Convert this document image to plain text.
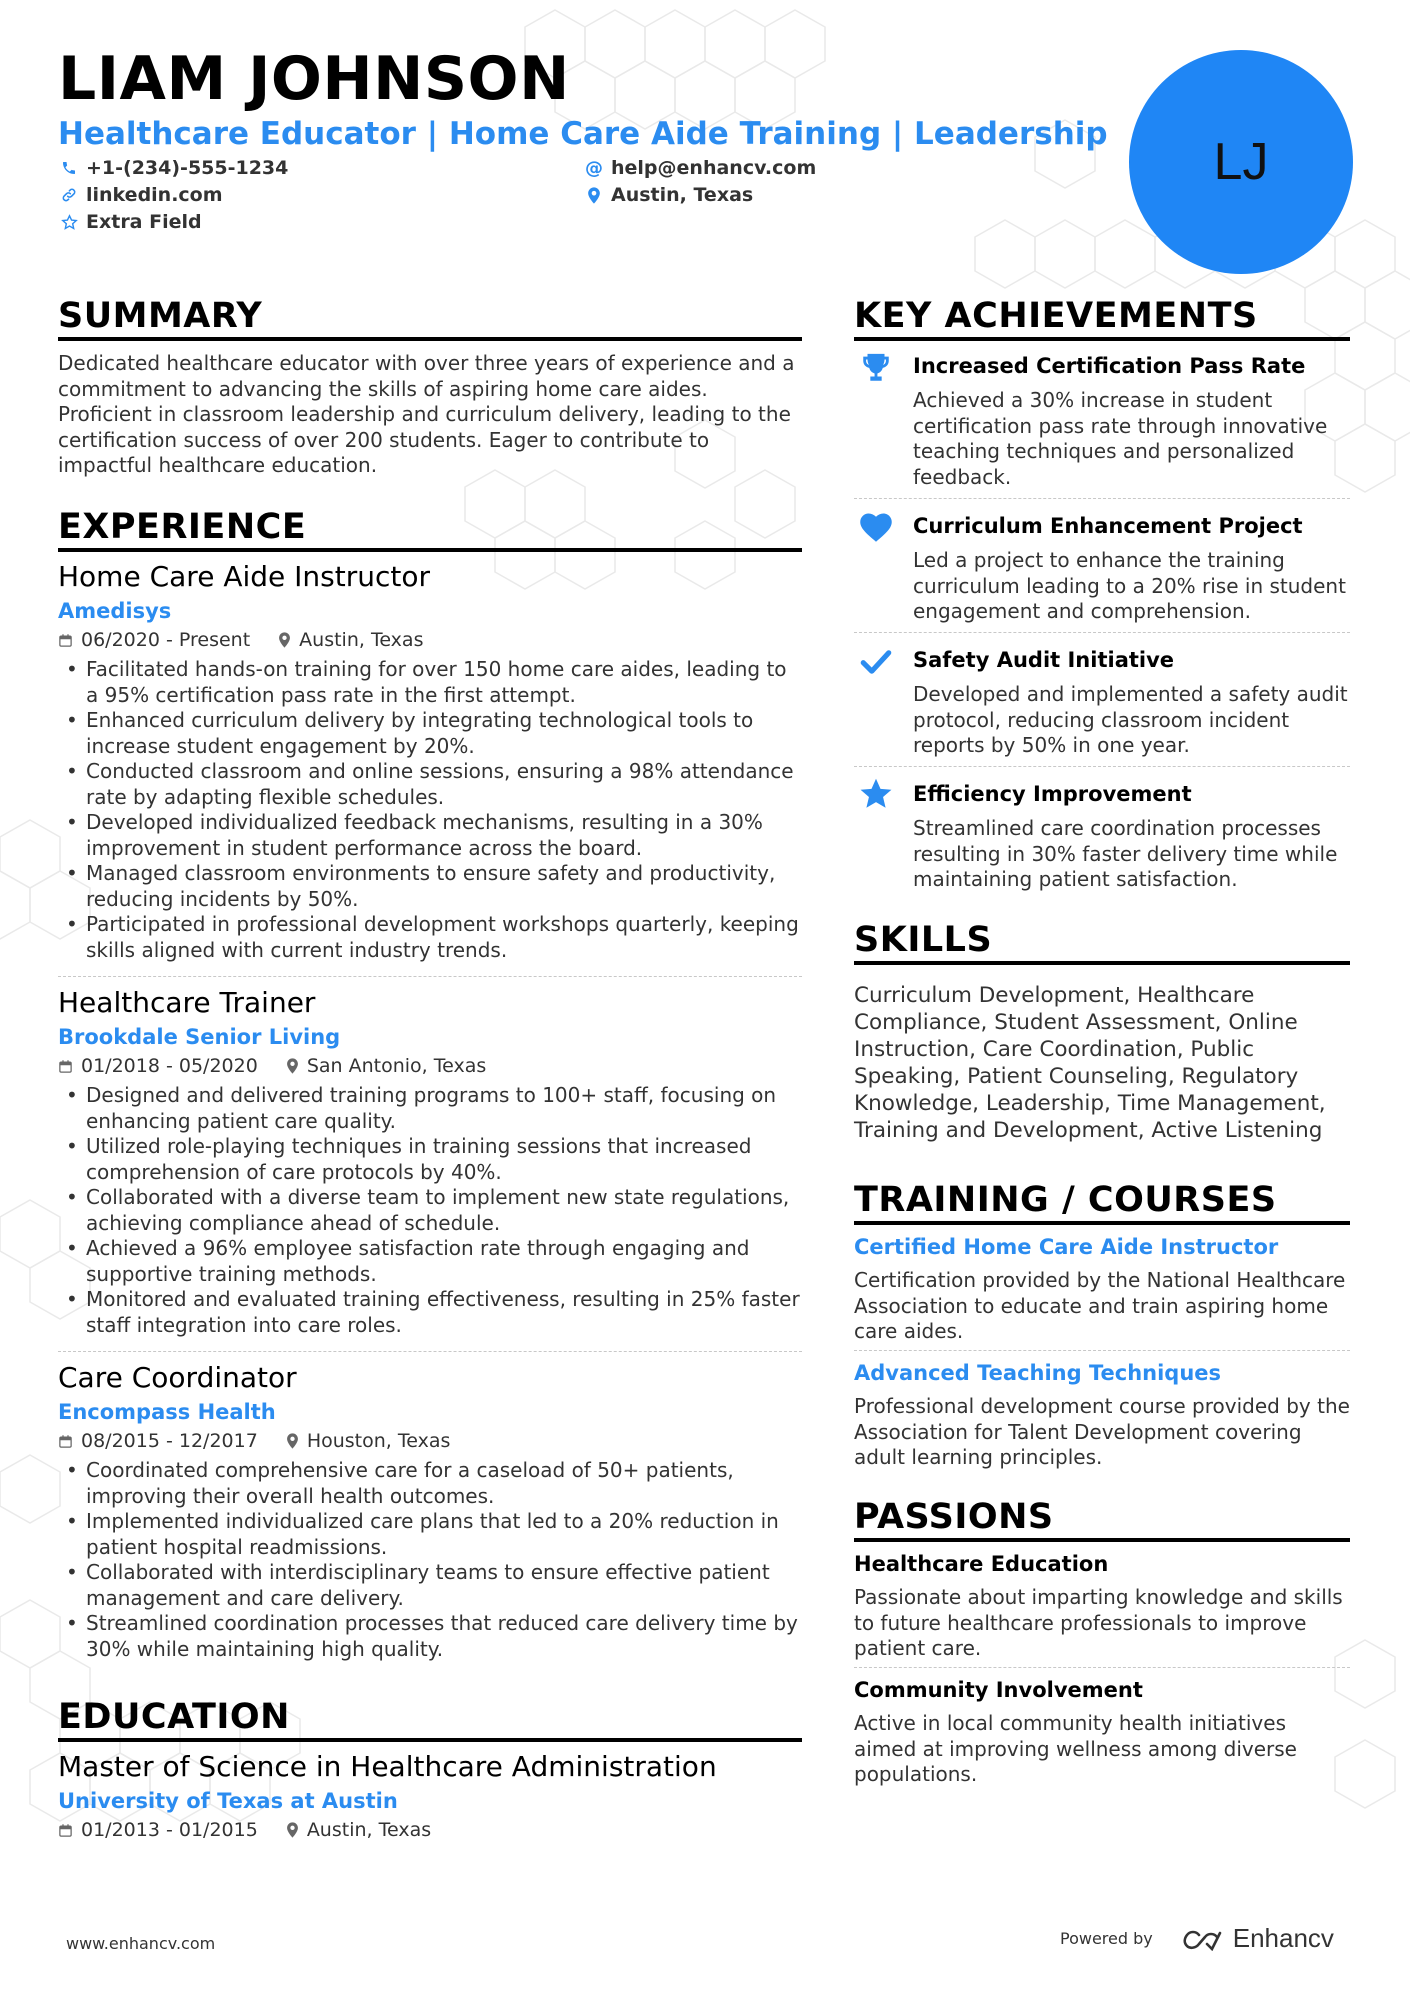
LIAM JOHNSON
Healthcare Educator | Home Care Aide Training | Leadership
+1-(234)-555-1234
linkedin.com
Extra Field
@ help@enhancv.com
Austin, Texas
LJ
SUMMARY
Dedicated healthcare educator with over three years of experience and a commitment to advancing the skills of aspiring home care aides. Proficient in classroom leadership and curriculum delivery, leading to the certification success of over 200 students. Eager to contribute to impactful healthcare education.
EXPERIENCE
Home Care Aide Instructor
Amedisys
06/2020 - Present	Austin, Texas
• Facilitated hands-on training for over 150 home care aides, leading to a 95% certification pass rate in the first attempt.
• Enhanced curriculum delivery by integrating technological tools to increase student engagement by 20%.
• Conducted classroom and online sessions, ensuring a 98% attendance rate by adapting flexible schedules.
• Developed individualized feedback mechanisms, resulting in a 30% improvement in student performance across the board.
• Managed classroom environments to ensure safety and productivity, reducing incidents by 50%.
• Participated in professional development workshops quarterly, keeping skills aligned with current industry trends.
Healthcare Trainer
Brookdale Senior Living
01/2018 - 05/2020	San Antonio, Texas
• Designed and delivered training programs to 100+ staff, focusing on enhancing patient care quality.
• Utilized role-playing techniques in training sessions that increased comprehension of care protocols by 40%.
• Collaborated with a diverse team to implement new state regulations, achieving compliance ahead of schedule.
• Achieved a 96% employee satisfaction rate through engaging and supportive training methods.
• Monitored and evaluated training effectiveness, resulting in 25% faster staff integration into care roles.
Care Coordinator
Encompass Health
08/2015 - 12/2017	Houston, Texas
• Coordinated comprehensive care for a caseload of 50+ patients, improving their overall health outcomes.
• Implemented individualized care plans that led to a 20% reduction in patient hospital readmissions.
• Collaborated with interdisciplinary teams to ensure effective patient management and care delivery.
• Streamlined coordination processes that reduced care delivery time by 30% while maintaining high quality.
EDUCATION
Master of Science in Healthcare Administration
University of Texas at Austin
01/2013 - 01/2015	Austin, Texas
KEY ACHIEVEMENTS
Increased Certification Pass Rate
Achieved a 30% increase in student certification pass rate through innovative teaching techniques and personalized feedback.
Curriculum Enhancement Project
Led a project to enhance the training curriculum leading to a 20% rise in student engagement and comprehension.
Safety Audit Initiative
Developed and implemented a safety audit protocol, reducing classroom incident reports by 50% in one year.
Efficiency Improvement
Streamlined care coordination processes resulting in 30% faster delivery time while maintaining patient satisfaction.
SKILLS
Curriculum Development, Healthcare Compliance, Student Assessment, Online Instruction, Care Coordination, Public Speaking, Patient Counseling, Regulatory Knowledge, Leadership, Time Management, Training and Development, Active Listening
TRAINING / COURSES
Certified Home Care Aide Instructor
Certification provided by the National Healthcare Association to educate and train aspiring home care aides.
Advanced Teaching Techniques
Professional development course provided by the Association for Talent Development covering adult learning principles.
PASSIONS
Healthcare Education
Passionate about imparting knowledge and skills to future healthcare professionals to improve patient care.
Community Involvement
Active in local community health initiatives aimed at improving wellness among diverse populations.
www.enhancv.com	Powered by	Enhancv
